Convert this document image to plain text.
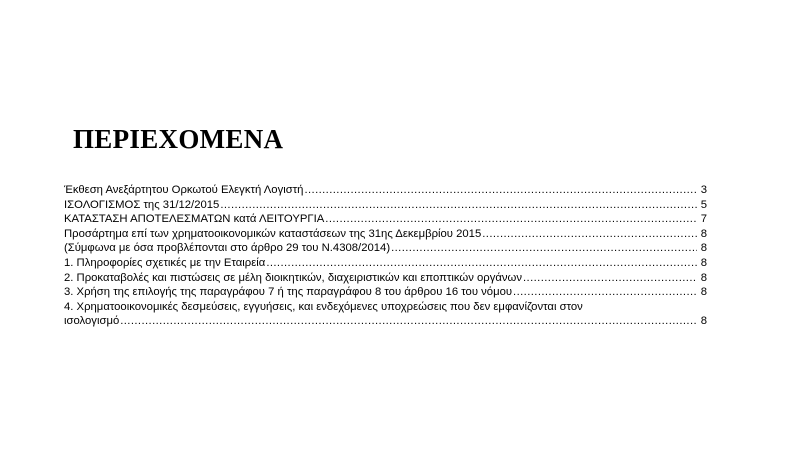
ΠΕΡΙΕΧΟΜΕΝΑ
Έκθεση Ανεξάρτητου Ορκωτού Ελεγκτή Λογιστή .....	3
ΙΣΟΛΟΓΙΣΜΟΣ της 31/12/2015 .....	5
ΚΑΤΑΣΤΑΣΗ ΑΠΟΤΕΛΕΣΜΑΤΩΝ κατά ΛΕΙΤΟΥΡΓΙΑ .....	7
Προσάρτημα επί των χρηματοοικονομικών καταστάσεων της 31ης Δεκεμβρίου 2015 .....	8
(Σύμφωνα με όσα προβλέπονται στο άρθρο 29 του Ν.4308/2014) .....	8
1. Πληροφορίες σχετικές με την Εταιρεία .....	8
2. Προκαταβολές και πιστώσεις σε μέλη διοικητικών, διαχειριστικών και εποπτικών οργάνων .....	8
3. Χρήση της επιλογής της παραγράφου 7 ή της παραγράφου 8 του άρθρου 16 του νόμου .....	8
4. Χρηματοοικονομικές δεσμεύσεις, εγγυήσεις, και ενδεχόμενες υποχρεώσεις που δεν εμφανίζονται στον
ισολογισμό .....	8
